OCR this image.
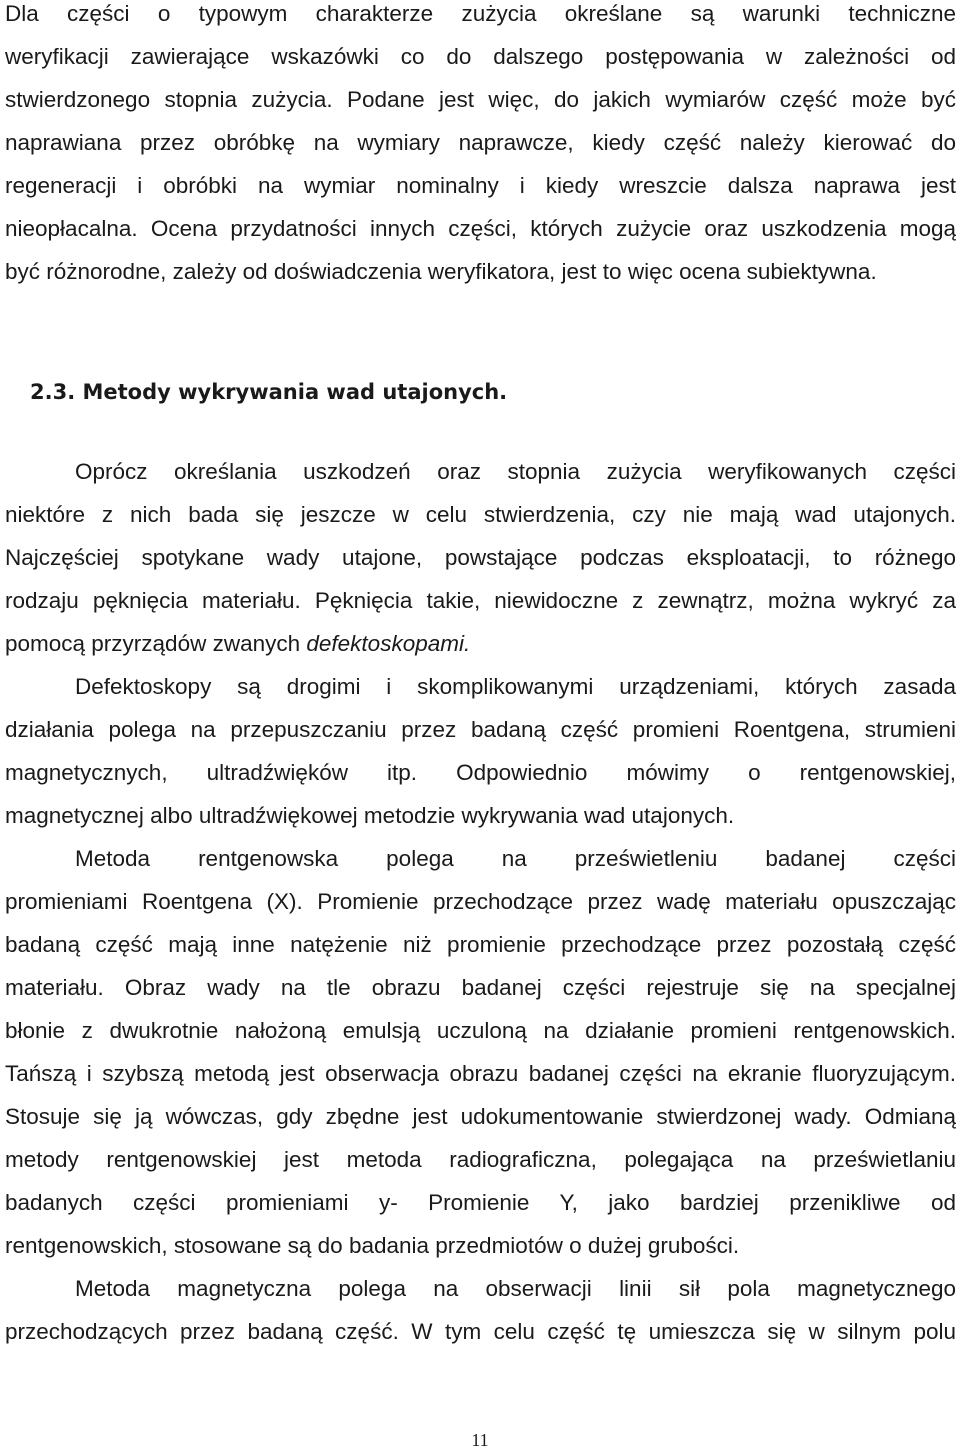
Dla części o typowym charakterze zużycia określane są warunki techniczne
weryfikacji zawierające wskazówki co do dalszego postępowania w zależności od
stwierdzonego stopnia zużycia. Podane jest więc, do jakich wymiarów część może być
naprawiana przez obróbkę na wymiary naprawcze, kiedy część należy kierować do
regeneracji i obróbki na wymiar nominalny i kiedy wreszcie dalsza naprawa jest
nieopłacalna. Ocena przydatności innych części, których zużycie oraz uszkodzenia mogą
być różnorodne, zależy od doświadczenia weryfikatora, jest to więc ocena subiektywna.
2.3. Metody wykrywania wad utajonych.
Oprócz określania uszkodzeń oraz stopnia zużycia weryfikowanych części
niektóre z nich bada się jeszcze w celu stwierdzenia, czy nie mają wad utajonych.
Najczęściej spotykane wady utajone, powstające podczas eksploatacji, to różnego
rodzaju pęknięcia materiału. Pęknięcia takie, niewidoczne z zewnątrz, można wykryć za
pomocą przyrządów zwanych defektoskopami.
Defektoskopy są drogimi i skomplikowanymi urządzeniami, których zasada
działania polega na przepuszczaniu przez badaną część promieni Roentgena, strumieni
magnetycznych, ultradźwięków itp. Odpowiednio mówimy o rentgenowskiej,
magnetycznej albo ultradźwiękowej metodzie wykrywania wad utajonych.
Metoda rentgenowska polega na prześwietleniu badanej części
promieniami Roentgena (X). Promienie przechodzące przez wadę materiału opuszczając
badaną część mają inne natężenie niż promienie przechodzące przez pozostałą część
materiału. Obraz wady na tle obrazu badanej części rejestruje się na specjalnej
błonie z dwukrotnie nałożoną emulsją uczuloną na działanie promieni rentgenowskich.
Tańszą i szybszą metodą jest obserwacja obrazu badanej części na ekranie fluoryzującym.
Stosuje się ją wówczas, gdy zbędne jest udokumentowanie stwierdzonej wady. Odmianą
metody rentgenowskiej jest metoda radiograficzna, polegająca na prześwietlaniu
badanych części promieniami y- Promienie Y, jako bardziej przenikliwe od
rentgenowskich, stosowane są do badania przedmiotów o dużej grubości.
Metoda magnetyczna polega na obserwacji linii sił pola magnetycznego
przechodzących przez badaną część. W tym celu część tę umieszcza się w silnym polu
11
